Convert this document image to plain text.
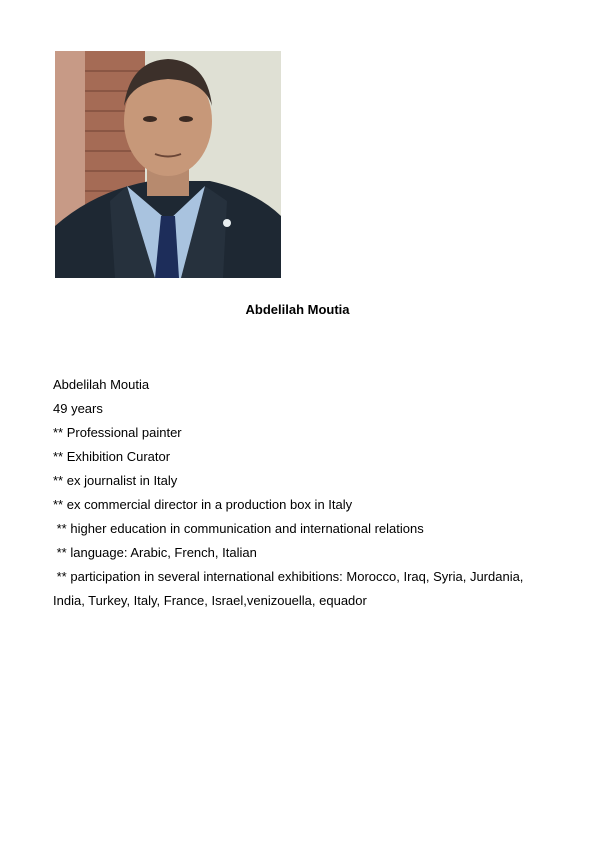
Abdelilah Moutia
Abdelilah Moutia
49 years
** Professional painter
** Exhibition Curator
** ex journalist in Italy
** ex commercial director in a production box in Italy
** higher education in communication and international relations
** language: Arabic, French, Italian
** participation in several international exhibitions: Morocco, Iraq, Syria, Jurdania,
India, Turkey, Italy, France, Israel,venizouella, equador
